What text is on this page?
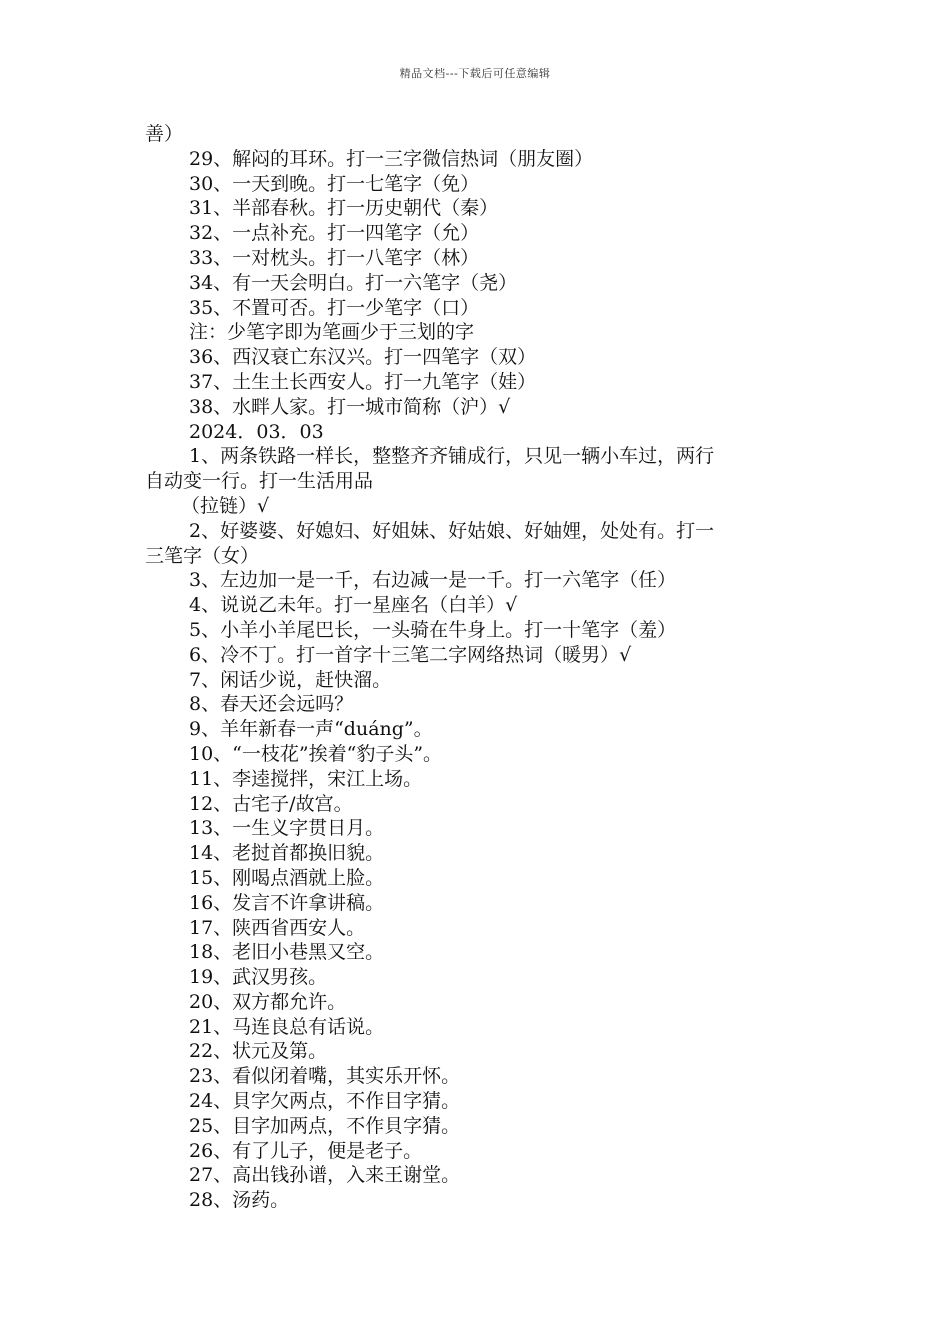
精品文档---下载后可任意编辑
善）
29、解闷的耳环。打一三字微信热词（朋友圈）
30、一天到晚。打一七笔字（免）
31、半部春秋。打一历史朝代（秦）
32、一点补充。打一四笔字（允）
33、一对枕头。打一八笔字（林）
34、有一天会明白。打一六笔字（尧）
35、不置可否。打一少笔字（口）
注：少笔字即为笔画少于三划的字
36、西汉衰亡东汉兴。打一四笔字（双）
37、土生土长西安人。打一九笔字（娃）
38、水畔人家。打一城市简称（沪）√
2024．03．03
1、两条铁路一样长，整整齐齐铺成行，只见一辆小车过，两行
自动变一行。打一生活用品
（拉链）√
2、好婆婆、好媳妇、好姐妹、好姑娘、好妯娌，处处有。打一
三笔字（女）
3、左边加一是一千，右边减一是一千。打一六笔字（任）
4、说说乙未年。打一星座名（白羊）√
5、小羊小羊尾巴长，一头骑在牛身上。打一十笔字（羞）
6、冷不丁。打一首字十三笔二字网络热词（暖男）√
7、闲话少说，赶快溜。
8、春天还会远吗？
9、羊年新春一声“duáng”。
10、“一枝花”挨着“豹子头”。
11、李逵搅拌，宋江上场。
12、古宅子/故宫。
13、一生义字贯日月。
14、老挝首都换旧貌。
15、刚喝点酒就上脸。
16、发言不许拿讲稿。
17、陕西省西安人。
18、老旧小巷黑又空。
19、武汉男孩。
20、双方都允许。
21、马连良总有话说。
22、状元及第。
23、看似闭着嘴，其实乐开怀。
24、貝字欠两点，不作目字猜。
25、目字加两点，不作貝字猜。
26、有了儿子，便是老子。
27、高出钱孙谱，入来王谢堂。
28、汤药。
